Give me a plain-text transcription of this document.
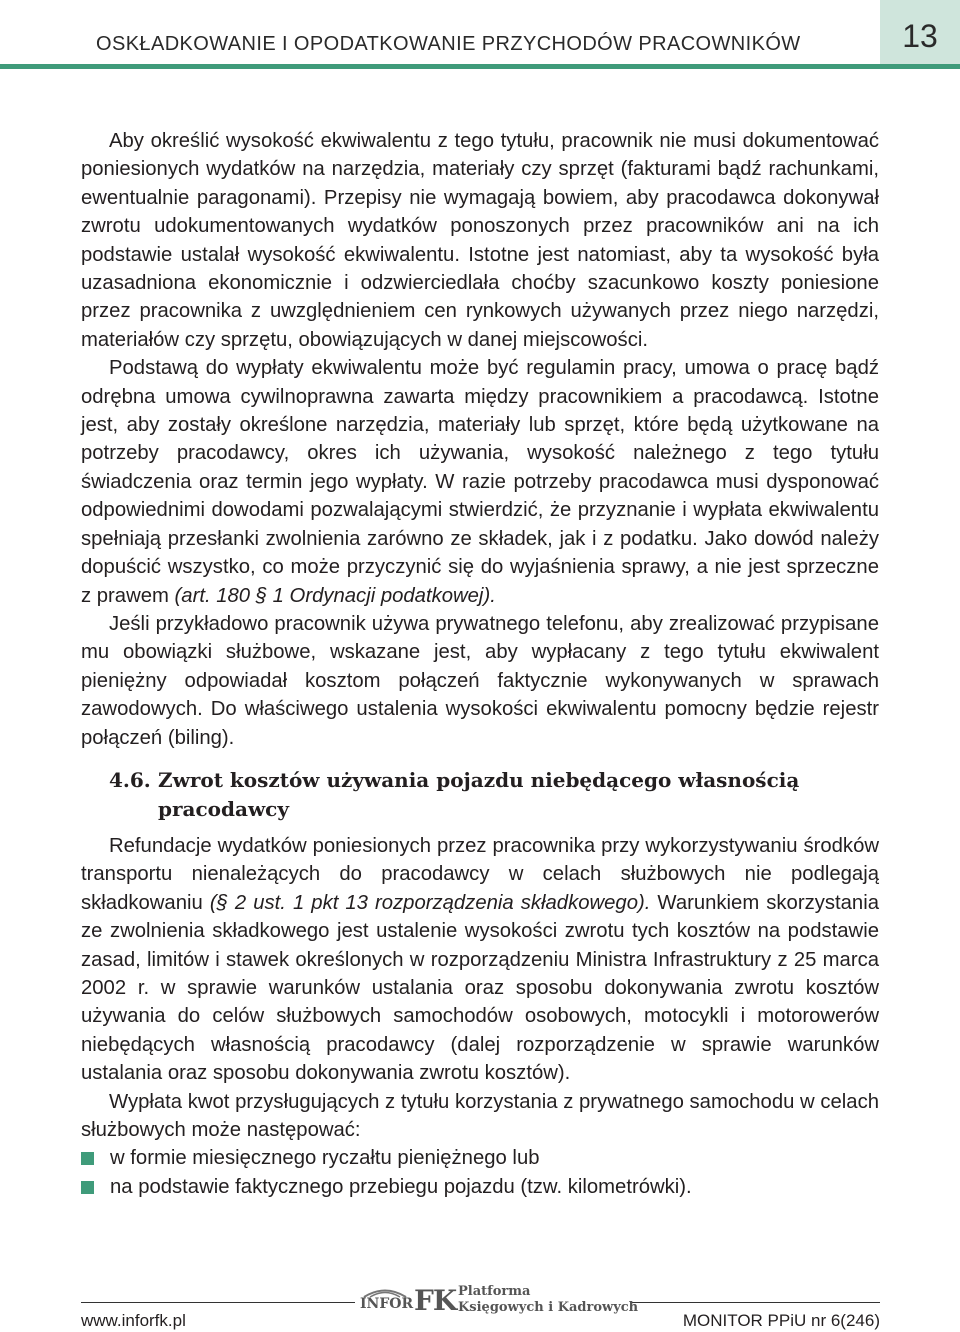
OSKŁADKOWANIE I OPODATKOWANIE PRZYCHODÓW PRACOWNIKÓW	13

Aby określić wysokość ekwiwalentu z tego tytułu, pracownik nie musi dokumentować poniesionych wydatków na narzędzia, materiały czy sprzęt (fakturami bądź rachunkami, ewentualnie paragonami). Przepisy nie wymagają bowiem, aby pracodawca dokonywał zwrotu udokumentowanych wydatków ponoszonych przez pracowników ani na ich podstawie ustalał wysokość ekwiwalentu. Istotne jest natomiast, aby ta wysokość była uzasadniona ekonomicznie i odzwierciedlała choćby szacunkowo koszty poniesione przez pracownika z uwzględnieniem cen rynkowych używanych przez niego narzędzi, materiałów czy sprzętu, obowiązujących w danej miejscowości.

Podstawą do wypłaty ekwiwalentu może być regulamin pracy, umowa o pracę bądź odrębna umowa cywilnoprawna zawarta między pracownikiem a pracodawcą. Istotne jest, aby zostały określone narzędzia, materiały lub sprzęt, które będą użytkowane na potrzeby pracodawcy, okres ich używania, wysokość należnego z tego tytułu świadczenia oraz termin jego wypłaty. W razie potrzeby pracodawca musi dysponować odpowiednimi dowodami pozwalającymi stwierdzić, że przyznanie i wypłata ekwiwalentu spełniają przesłanki zwolnienia zarówno ze składek, jak i z podatku. Jako dowód należy dopuścić wszystko, co może przyczynić się do wyjaśnienia sprawy, a nie jest sprzeczne z prawem (art. 180 § 1 Ordynacji podatkowej).

Jeśli przykładowo pracownik używa prywatnego telefonu, aby zrealizować przypisane mu obowiązki służbowe, wskazane jest, aby wypłacany z tego tytułu ekwiwalent pieniężny odpowiadał kosztom połączeń faktycznie wykonywanych w sprawach zawodowych. Do właściwego ustalenia wysokości ekwiwalentu pomocny będzie rejestr połączeń (biling).

4.6. Zwrot kosztów używania pojazdu niebędącego własnością pracodawcy

Refundacje wydatków poniesionych przez pracownika przy wykorzystywaniu środków transportu nienależących do pracodawcy w celach służbowych nie podlegają składkowaniu (§ 2 ust. 1 pkt 13 rozporządzenia składkowego). Warunkiem skorzystania ze zwolnienia składkowego jest ustalenie wysokości zwrotu tych kosztów na podstawie zasad, limitów i stawek określonych w rozporządzeniu Ministra Infrastruktury z 25 marca 2002 r. w sprawie warunków ustalania oraz sposobu dokonywania zwrotu kosztów używania do celów służbowych samochodów osobowych, motocykli i motorowerów niebędących własnością pracodawcy (dalej rozporządzenie w sprawie warunków ustalania oraz sposobu dokonywania zwrotu kosztów).

Wypłata kwot przysługujących z tytułu korzystania z prywatnego samochodu w celach służbowych może następować:

w formie miesięcznego ryczałtu pieniężnego lub
na podstawie faktycznego przebiegu pojazdu (tzw. kilometrówki).
INFOR FK Platforma
Księgowych i Kadrowych
www.inforfk.pl	MONITOR PPiU nr 6(246)
